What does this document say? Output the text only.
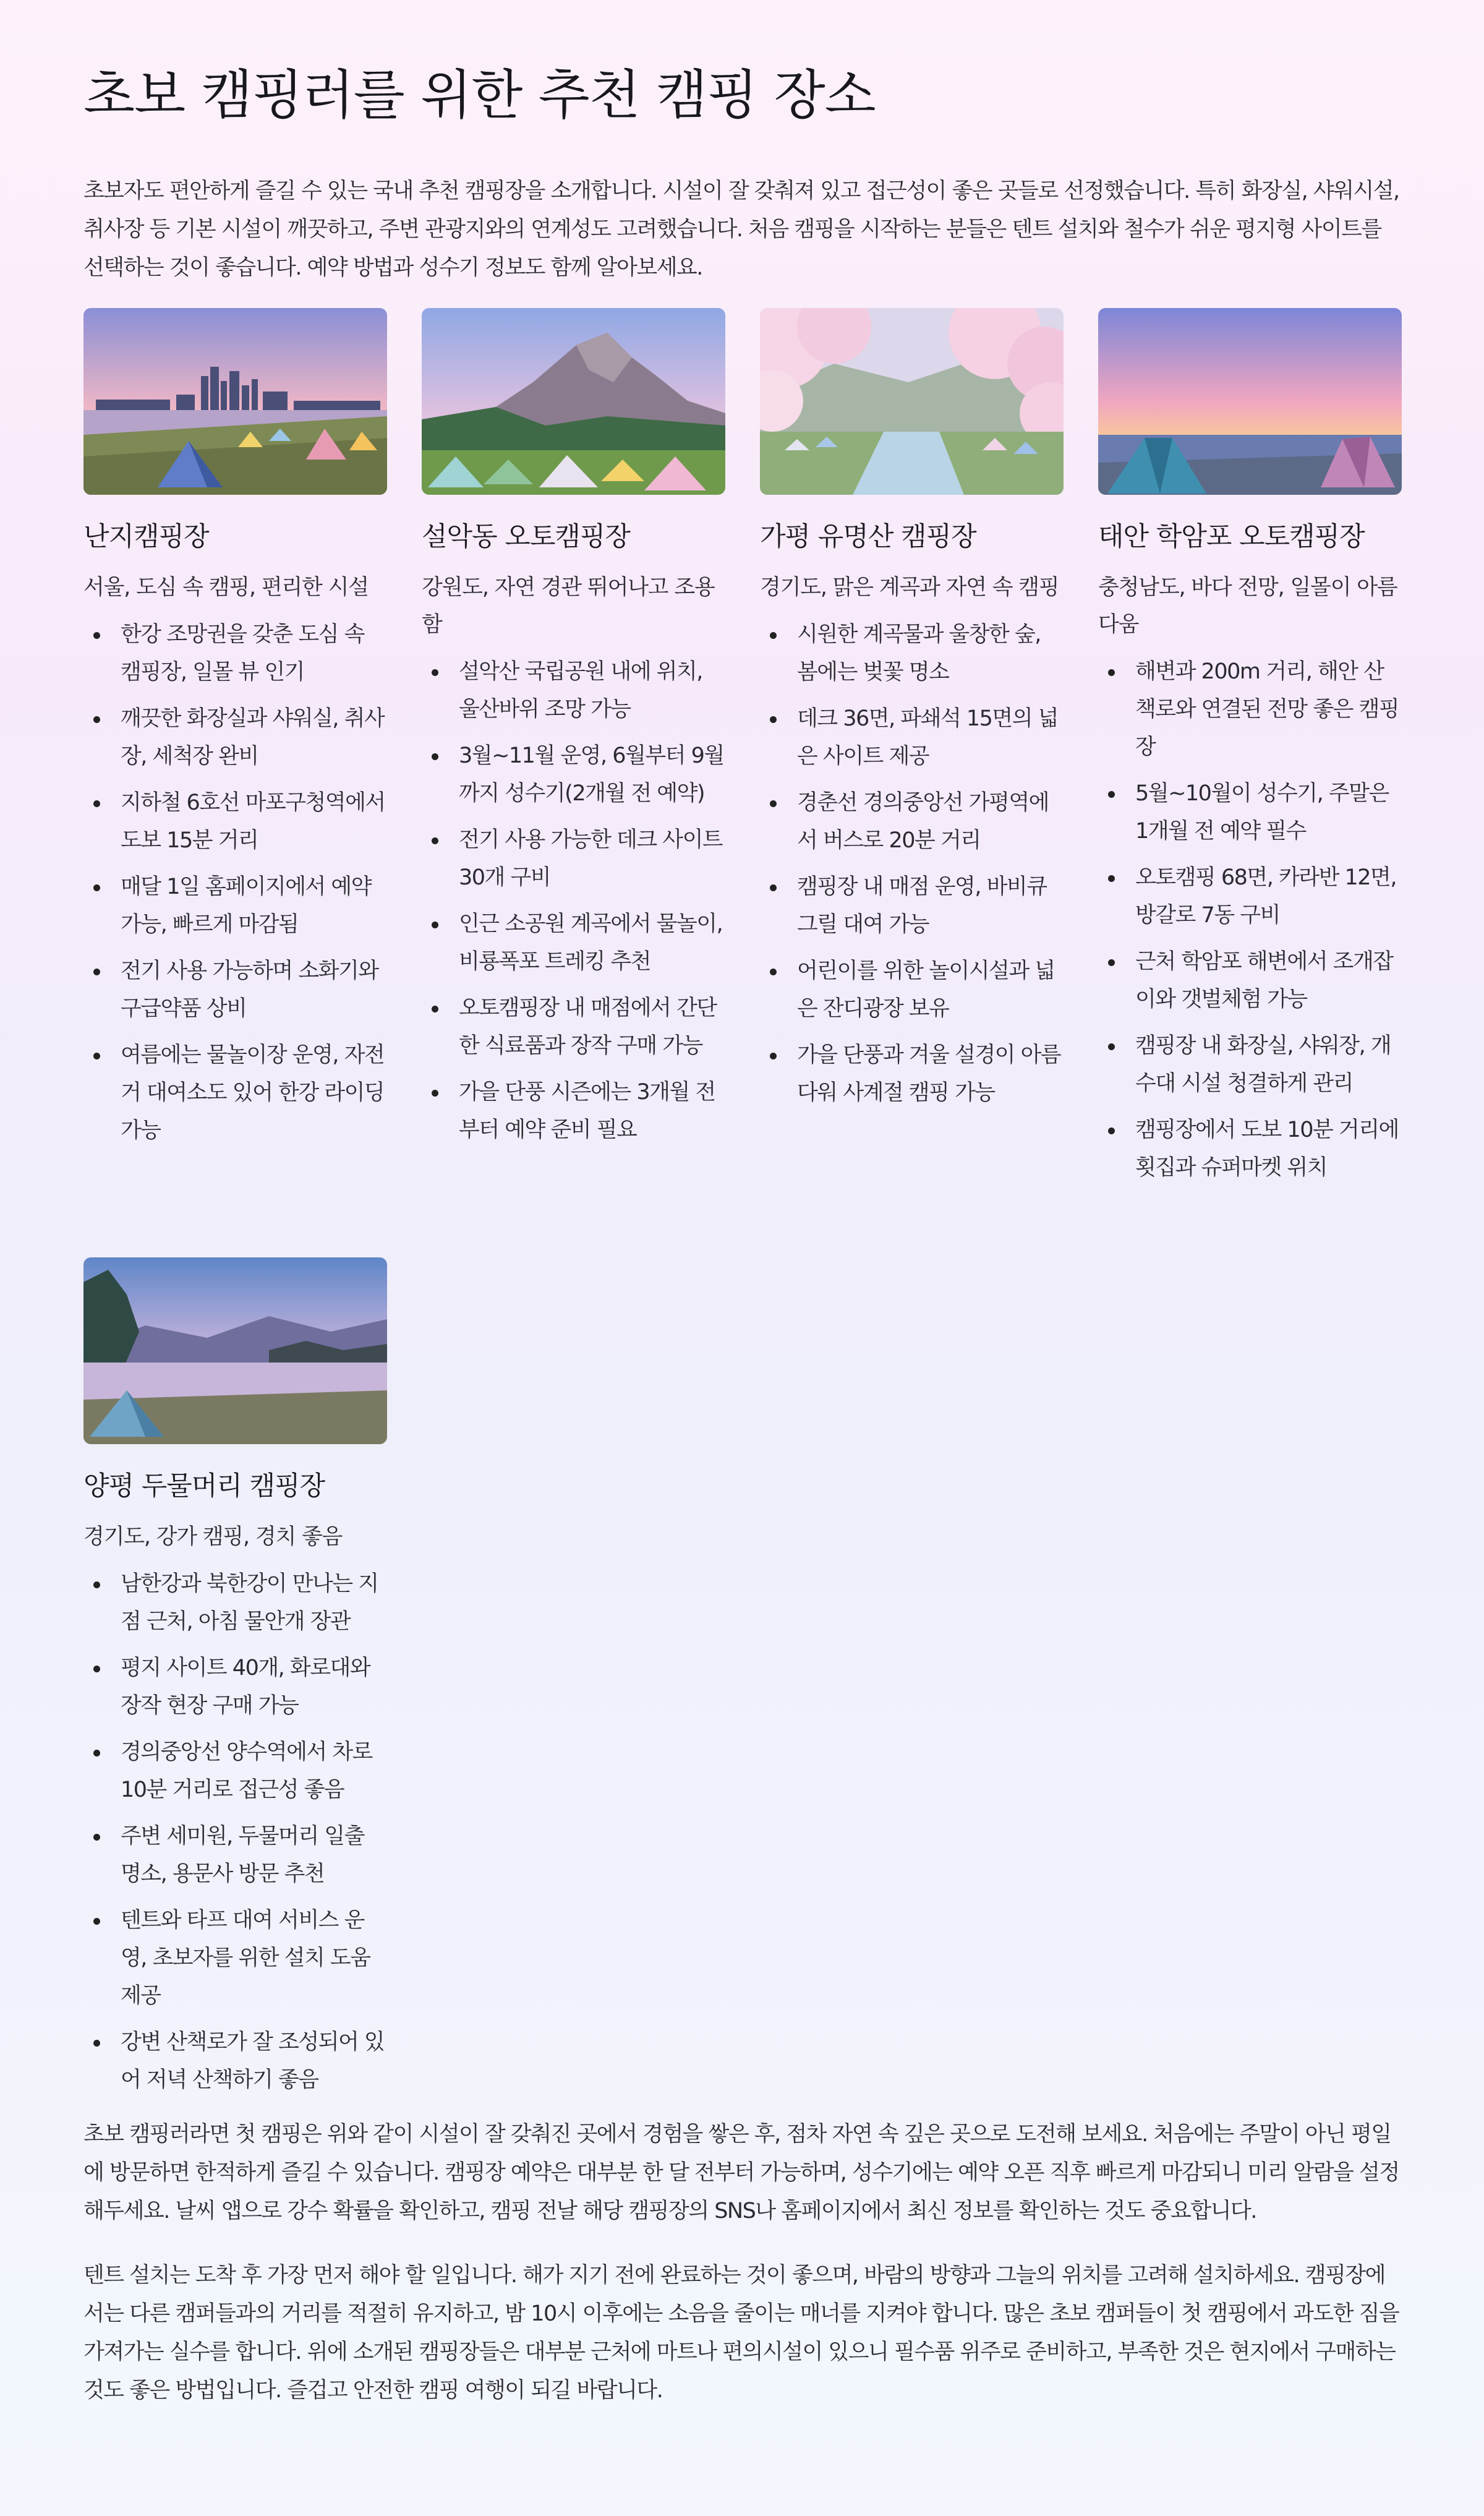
초보 캠핑러를 위한 추천 캠핑 장소

초보자도 편안하게 즐길 수 있는 국내 추천 캠핑장을 소개합니다. 시설이 잘 갖춰져 있고 접근성이 좋은 곳들로 선정했습니다. 특히 화장실, 샤워시설, 취사장 등 기본 시설이 깨끗하고, 주변 관광지와의 연계성도 고려했습니다. 처음 캠핑을 시작하는 분들은 텐트 설치와 철수가 쉬운 평지형 사이트를 선택하는 것이 좋습니다. 예약 방법과 성수기 정보도 함께 알아보세요.

난지캠핑장

서울, 도심 속 캠핑, 편리한 시설

한강 조망권을 갖춘 도심 속 캠핑장, 일몰 뷰 인기
깨끗한 화장실과 샤워실, 취사장, 세척장 완비
지하철 6호선 마포구청역에서 도보 15분 거리
매달 1일 홈페이지에서 예약 가능, 빠르게 마감됨
전기 사용 가능하며 소화기와 구급약품 상비
여름에는 물놀이장 운영, 자전거 대여소도 있어 한강 라이딩 가능
설악동 오토캠핑장

강원도, 자연 경관 뛰어나고 조용함

설악산 국립공원 내에 위치, 울산바위 조망 가능
3월~11월 운영, 6월부터 9월까지 성수기(2개월 전 예약)
전기 사용 가능한 데크 사이트 30개 구비
인근 소공원 계곡에서 물놀이, 비룡폭포 트레킹 추천
오토캠핑장 내 매점에서 간단한 식료품과 장작 구매 가능
가을 단풍 시즌에는 3개월 전부터 예약 준비 필요
가평 유명산 캠핑장

경기도, 맑은 계곡과 자연 속 캠핑

시원한 계곡물과 울창한 숲, 봄에는 벚꽃 명소
데크 36면, 파쇄석 15면의 넓은 사이트 제공
경춘선 경의중앙선 가평역에서 버스로 20분 거리
캠핑장 내 매점 운영, 바비큐 그릴 대여 가능
어린이를 위한 놀이시설과 넓은 잔디광장 보유
가을 단풍과 겨울 설경이 아름다워 사계절 캠핑 가능
태안 학암포 오토캠핑장

충청남도, 바다 전망, 일몰이 아름다움

해변과 200m 거리, 해안 산책로와 연결된 전망 좋은 캠핑장
5월~10월이 성수기, 주말은 1개월 전 예약 필수
오토캠핑 68면, 카라반 12면, 방갈로 7동 구비
근처 학암포 해변에서 조개잡이와 갯벌체험 가능
캠핑장 내 화장실, 샤워장, 개수대 시설 청결하게 관리
캠핑장에서 도보 10분 거리에 횟집과 슈퍼마켓 위치
양평 두물머리 캠핑장

경기도, 강가 캠핑, 경치 좋음

남한강과 북한강이 만나는 지점 근처, 아침 물안개 장관
평지 사이트 40개, 화로대와 장작 현장 구매 가능
경의중앙선 양수역에서 차로 10분 거리로 접근성 좋음
주변 세미원, 두물머리 일출 명소, 용문사 방문 추천
텐트와 타프 대여 서비스 운영, 초보자를 위한 설치 도움 제공
강변 산책로가 잘 조성되어 있어 저녁 산책하기 좋음

초보 캠핑러라면 첫 캠핑은 위와 같이 시설이 잘 갖춰진 곳에서 경험을 쌓은 후, 점차 자연 속 깊은 곳으로 도전해 보세요. 처음에는 주말이 아닌 평일에 방문하면 한적하게 즐길 수 있습니다. 캠핑장 예약은 대부분 한 달 전부터 가능하며, 성수기에는 예약 오픈 직후 빠르게 마감되니 미리 알람을 설정해두세요. 날씨 앱으로 강수 확률을 확인하고, 캠핑 전날 해당 캠핑장의 SNS나 홈페이지에서 최신 정보를 확인하는 것도 중요합니다.

텐트 설치는 도착 후 가장 먼저 해야 할 일입니다. 해가 지기 전에 완료하는 것이 좋으며, 바람의 방향과 그늘의 위치를 고려해 설치하세요. 캠핑장에서는 다른 캠퍼들과의 거리를 적절히 유지하고, 밤 10시 이후에는 소음을 줄이는 매너를 지켜야 합니다. 많은 초보 캠퍼들이 첫 캠핑에서 과도한 짐을 가져가는 실수를 합니다. 위에 소개된 캠핑장들은 대부분 근처에 마트나 편의시설이 있으니 필수품 위주로 준비하고, 부족한 것은 현지에서 구매하는 것도 좋은 방법입니다. 즐겁고 안전한 캠핑 여행이 되길 바랍니다.
